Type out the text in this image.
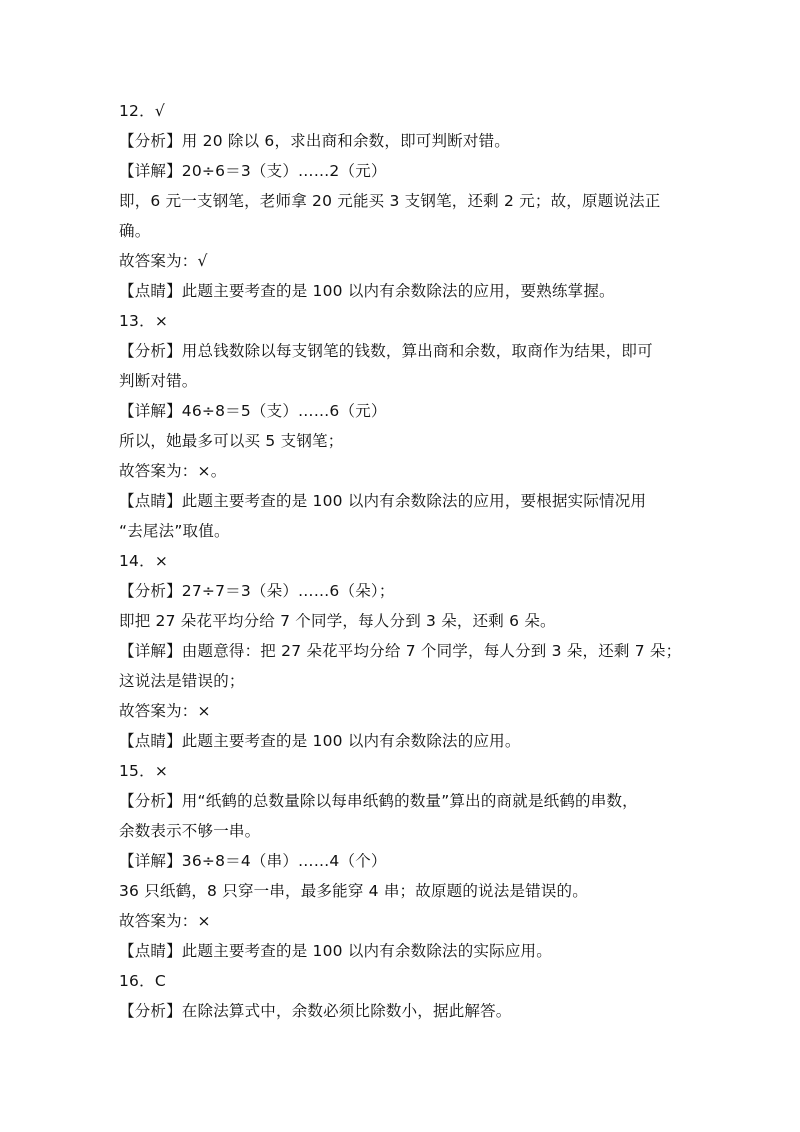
12．√
【分析】用 20 除以 6，求出商和余数，即可判断对错。
【详解】20÷6＝3（支）……2（元）
即，6 元一支钢笔，老师拿 20 元能买 3 支钢笔，还剩 2 元；故，原题说法正
确。
故答案为：√
【点睛】此题主要考查的是 100 以内有余数除法的应用，要熟练掌握。
13．×
【分析】用总钱数除以每支钢笔的钱数，算出商和余数，取商作为结果，即可
判断对错。
【详解】46÷8＝5（支）……6（元）
所以，她最多可以买 5 支钢笔；
故答案为：×。
【点睛】此题主要考查的是 100 以内有余数除法的应用，要根据实际情况用
“去尾法”取值。
14．×
【分析】27÷7＝3（朵）……6（朵）；
即把 27 朵花平均分给 7 个同学，每人分到 3 朵，还剩 6 朵。
【详解】由题意得：把 27 朵花平均分给 7 个同学，每人分到 3 朵，还剩 7 朵；
这说法是错误的；
故答案为：×
【点睛】此题主要考查的是 100 以内有余数除法的应用。
15．×
【分析】用“纸鹤的总数量除以每串纸鹤的数量”算出的商就是纸鹤的串数，
余数表示不够一串。
【详解】36÷8＝4（串）……4（个）
36 只纸鹤，8 只穿一串，最多能穿 4 串；故原题的说法是错误的。
故答案为：×
【点睛】此题主要考查的是 100 以内有余数除法的实际应用。
16．C
【分析】在除法算式中，余数必须比除数小，据此解答。
